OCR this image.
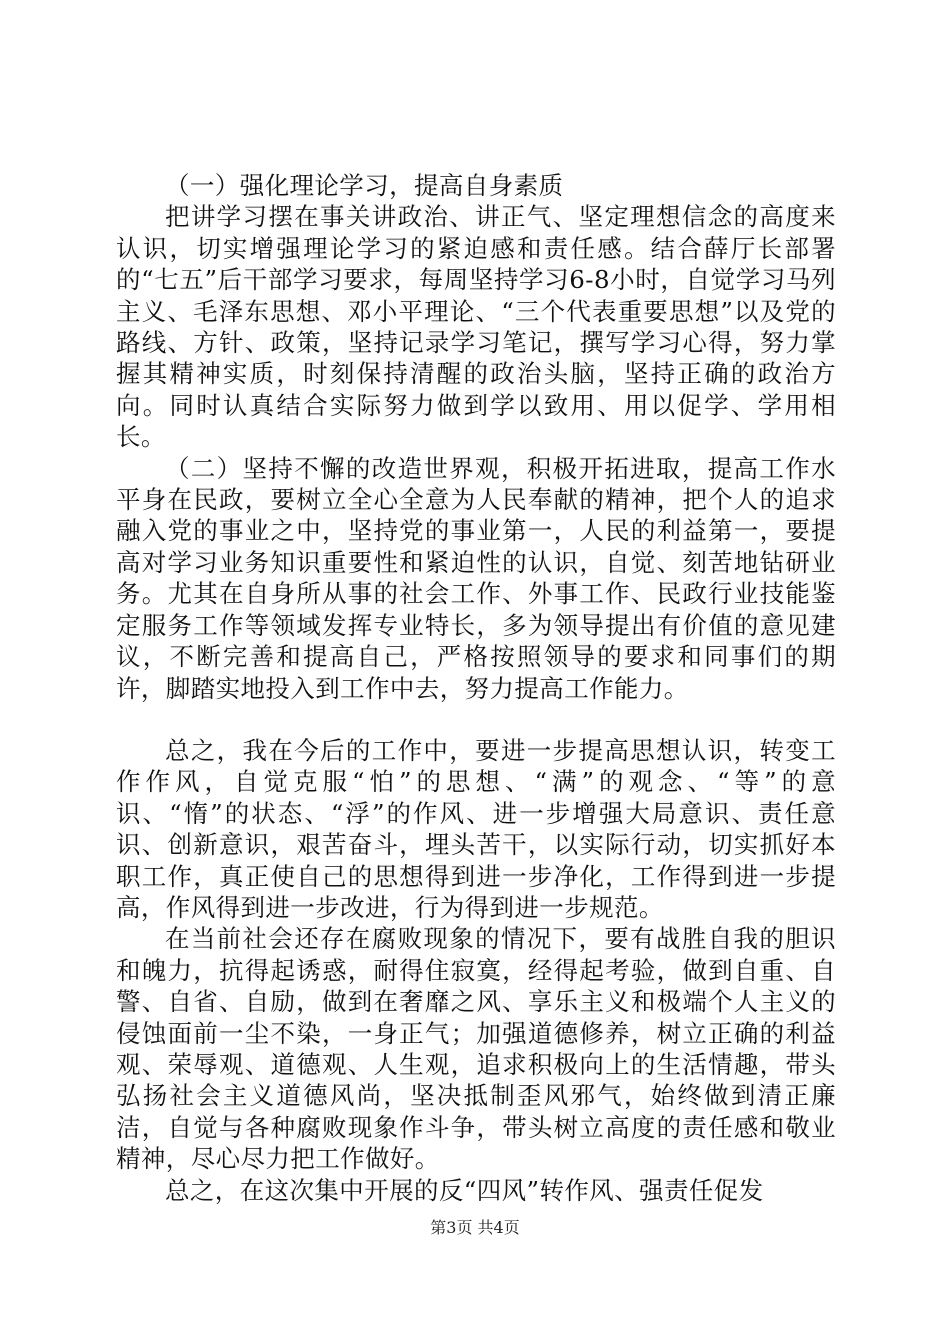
（一）强化理论学习，提高自身素质

把讲学习摆在事关讲政治、讲正气、坚定理想信念的高度来认识，切实增强理论学习的紧迫感和责任感。结合薛厅长部署的“七五”后干部学习要求，每周坚持学习6-8小时，自觉学习马列主义、毛泽东思想、邓小平理论、“三个代表重要思想”以及党的路线、方针、政策，坚持记录学习笔记，撰写学习心得，努力掌握其精神实质，时刻保持清醒的政治头脑，坚持正确的政治方向。同时认真结合实际努力做到学以致用、用以促学、学用相长。

（二）坚持不懈的改造世界观，积极开拓进取，提高工作水平身在民政，要树立全心全意为人民奉献的精神，把个人的追求融入党的事业之中，坚持党的事业第一，人民的利益第一，要提高对学习业务知识重要性和紧迫性的认识，自觉、刻苦地钻研业务。尤其在自身所从事的社会工作、外事工作、民政行业技能鉴定服务工作等领域发挥专业特长，多为领导提出有价值的意见建议，不断完善和提高自己，严格按照领导的要求和同事们的期许，脚踏实地投入到工作中去，努力提高工作能力。

总之，我在今后的工作中，要进一步提高思想认识，转变工作作风，自觉克服“怕”的思想、“满”的观念、“等”的意识、“惰”的状态、“浮”的作风、进一步增强大局意识、责任意识、创新意识，艰苦奋斗，埋头苦干，以实际行动，切实抓好本职工作，真正使自己的思想得到进一步净化，工作得到进一步提高，作风得到进一步改进，行为得到进一步规范。

在当前社会还存在腐败现象的情况下，要有战胜自我的胆识和魄力，抗得起诱惑，耐得住寂寞，经得起考验，做到自重、自警、自省、自励，做到在奢靡之风、享乐主义和极端个人主义的侵蚀面前一尘不染，一身正气；加强道德修养，树立正确的利益观、荣辱观、道德观、人生观，追求积极向上的生活情趣，带头弘扬社会主义道德风尚，坚决抵制歪风邪气，始终做到清正廉洁，自觉与各种腐败现象作斗争，带头树立高度的责任感和敬业精神，尽心尽力把工作做好。

总之，在这次集中开展的反“四风”转作风、强责任促发

第3页 共4页
